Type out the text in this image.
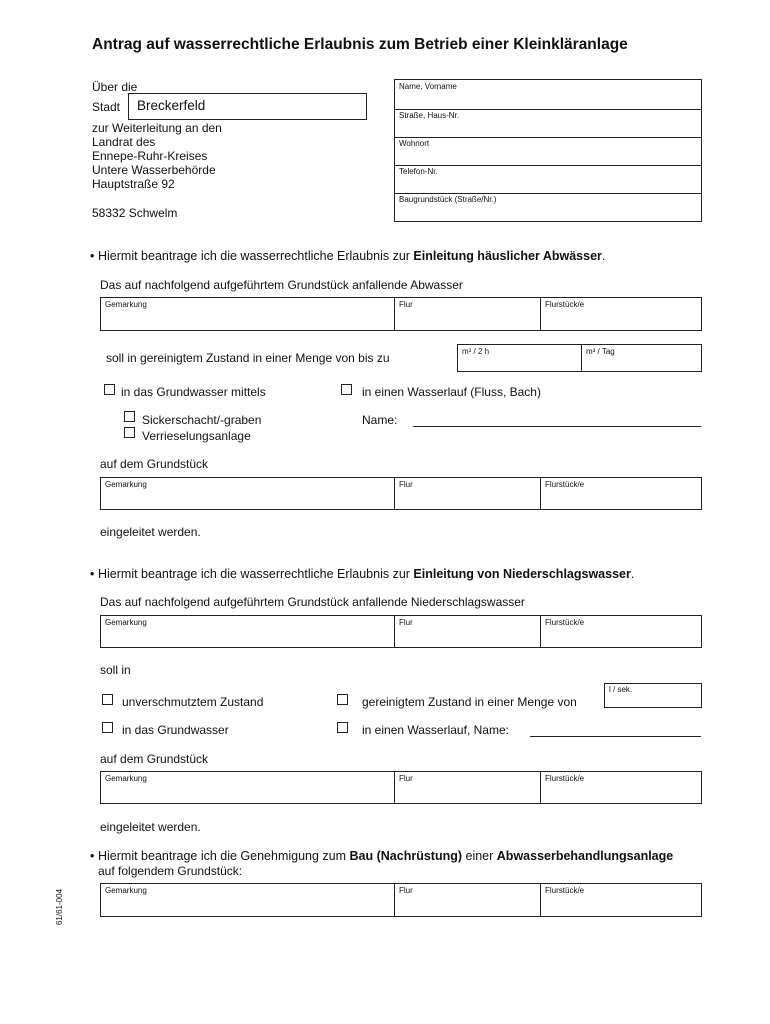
Antrag auf wasserrechtliche Erlaubnis zum Betrieb einer Kleinkläranlage
Über die
Stadt Breckerfeld
zur Weiterleitung an den
Landrat des
Ennepe-Ruhr-Kreises
Untere Wasserbehörde
Hauptstraße 92
58332 Schwelm
Name, Vorname
Straße, Haus-Nr.
Wohnort
Telefon-Nr.
Baugrundstück (Straße/Nr.)
• Hiermit beantrage ich die wasserrechtliche Erlaubnis zur Einleitung häuslicher Abwässer.
Das auf nachfolgend aufgeführtem Grundstück anfallende Abwasser
Gemarkung	Flur	Flurstück/e
soll in gereinigtem Zustand in einer Menge von bis zu	m³ / 2 h	m³ / Tag
in das Grundwasser mittels	in einen Wasserlauf (Fluss, Bach)
Sickerschacht/-graben
Verrieselungsanlage
Name:
auf dem Grundstück
Gemarkung	Flur	Flurstück/e
eingeleitet werden.
• Hiermit beantrage ich die wasserrechtliche Erlaubnis zur Einleitung von Niederschlagswasser.
Das auf nachfolgend aufgeführtem Grundstück anfallende Niederschlagswasser
Gemarkung	Flur	Flurstück/e
soll in
l / sek.
unverschmutztem Zustand	gereinigtem Zustand in einer Menge von
in das Grundwasser	in einen Wasserlauf, Name:
auf dem Grundstück
Gemarkung	Flur	Flurstück/e
eingeleitet werden.
• Hiermit beantrage ich die Genehmigung zum Bau (Nachrüstung) einer Abwasserbehandlungsanlage
auf folgendem Grundstück:
Gemarkung	Flur	Flurstück/e
61/61-004
